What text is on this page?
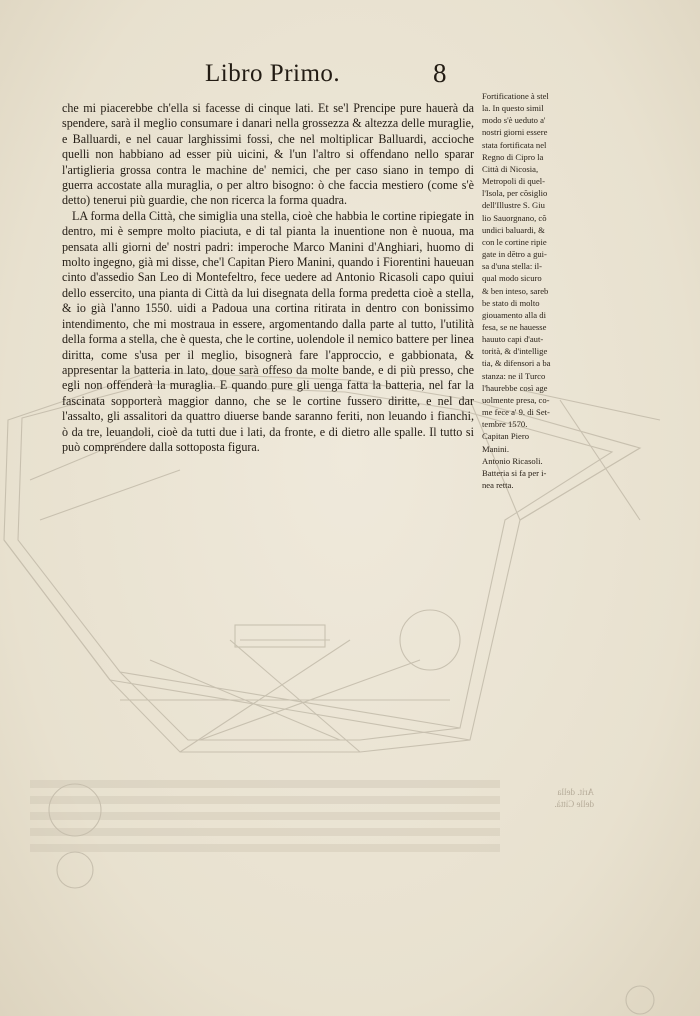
Libro Primo.	8

che mi piacerebbe ch'ella si facesse di cinque lati. Et se'l Prencipe pure hauerà da spendere, sarà il meglio consumare i danari nella grossezza & altezza delle muraglie, e Balluardi, e nel cauar larghissimi fossi, che nel moltiplicar Balluardi, accioche quelli non habbiano ad esser più uicini, & l'un l'altro si offendano nello sparar l'artiglieria grossa contra le machine de' nemici, che per caso siano in tempo di guerra accostate alla muraglia, o per altro bisogno: ò che faccia mestiero (come s'è detto) tenerui più guardie, che non ricerca la forma quadra.

LA forma della Città, che simiglia una stella, cioè che habbia le cortine ripiegate in dentro, mi è sempre molto piaciuta, e di tal pianta la inuentione non è nuoua, ma pensata alli giorni de' nostri padri: imperoche Marco Manini d'Anghiari, huomo di molto ingegno, già mi disse, che'l Capitan Piero Manini, quando i Fiorentini haueuan cinto d'assedio San Leo di Montefeltro, fece uedere ad Antonio Ricasoli capo quiui dello essercito, una pianta di Città da lui disegnata della forma predetta cioè a stella, & io già l'anno 1550. uidi a Padoua una cortina ritirata in dentro con bonissimo intendimento, che mi mostraua in essere, argomentando dalla parte al tutto, l'utilità della forma a stella, che è questa, che le cortine, uolendole il nemico battere per linea diritta, come s'usa per il meglio, bisognerà fare l'approccio, e gabbionata, & appresentar la batteria in lato, doue sarà offeso da molte bande, e di più presso, che egli non offenderà la muraglia. E quando pure gli uenga fatta la batteria, nel far la fascinata sopporterà maggior danno, che se le cortine fussero diritte, e nel dar l'assalto, gli assalitori da quattro diuerse bande saranno feriti, non leuando i fianchi, ò da tre, leuandoli, cioè da tutti due i lati, da fronte, e di dietro alle spalle. Il tutto si può comprendere dalla sottoposta figura.

Fortificatione à stel

la. In questo simil

modo s'è ueduto a'

nostri giorni essere

stata fortificata nel

Regno di Cipro la

Città di Nicosia,

Metropoli di quel-

l'Isola, per cõsiglio

dell'Illustre S. Giu

lio Sauorgnano, cõ

undici baluardi, &

con le cortine ripie

gate in dētro a gui-

sa d'una stella: il-

qual modo sicuro

& ben inteso, sareb

be stato di molto

giouamento alla di

fesa, se ne hauesse

hauuto capi d'aut-

torità, & d'intellige

tia, & difensori a ba

stanza: ne il Turco

l'haurebbe così age

uolmente presa, co-

me fece a' 9. di Set-

tembre 1570.

Capitan Piero

Manini.

Antonio Ricasoli.

Batteria si fa per i-

nea retta.

Arit. della
delle Città.
